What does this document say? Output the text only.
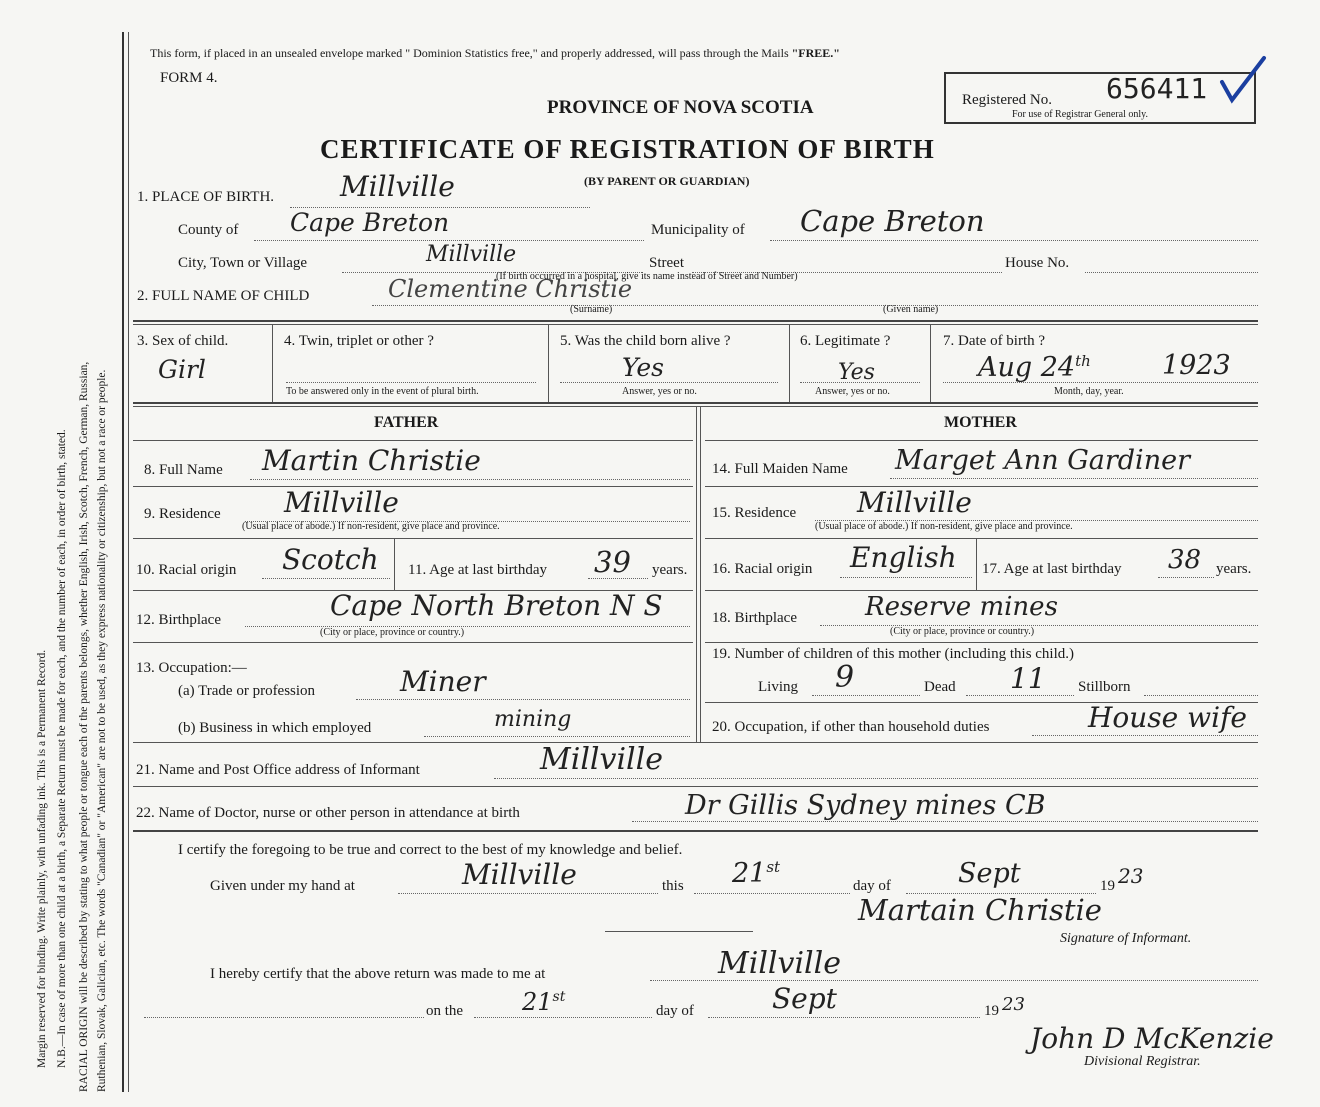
Margin reserved for binding. Write plainly, with unfading ink. This is a Permanent Record. N.B.—In case of more than one child at a birth, a Separate Return must be made for each, and the number of each, in order of birth, stated. RACIAL ORIGIN will be described by stating to what people or tongue each of the parents belongs, whether English, Irish, Scotch, French, German, Russian, Ruthenian, Slovak, Galician, etc. The words "Canadian" or "American" are not to be used, as they express nationality or citizenship, but not a race or people.
This form, if placed in an unsealed envelope marked " Dominion Statistics free," and properly addressed, will pass through the Mails "FREE."
FORM 4.
PROVINCE OF NOVA SCOTIA	Registered No. 656411
For use of Registrar General only.
CERTIFICATE OF REGISTRATION OF BIRTH
(BY PARENT OR GUARDIAN)
1. PLACE OF BIRTH. Millville
County of Cape Breton	Municipality of Cape Breton
City, Town or Village	Millville	Street	House No.
(If birth occurred in a hospital, give its name instead of Street and Number)
2. FULL NAME OF CHILD	Clementine Christie
(Surname)	(Given name)
3. Sex of child.
Girl
4. Twin, triplet or other ?
To be answered only in the event of plural birth.
5. Was the child born alive ?
Yes
Answer, yes or no.
6. Legitimate ?
Yes
Answer, yes or no.
7. Date of birth ?
Aug 24th	1923
Month, day, year.
FATHER	MOTHER
8. Full Name Martin Christie	14. Full Maiden Name Marget Ann Gardiner
9. Residence Millville
(Usual place of abode.) If non-resident, give place and province.
15. Residence Millville
(Usual place of abode.) If non-resident, give place and province.
10. Racial origin Scotch 11. Age at last birthday 39 years. 16. Racial origin English 17. Age at last birthday 38 years.
12. Birthplace	Cape North Breton N S
(City or place, province or country.)
18. Birthplace	Reserve mines
(City or place, province or country.)
13. Occupation:—
(a) Trade or profession	Miner
19. Number of children of this mother (including this child.)
Living 9	Dead 11 Stillborn
(b) Business in which employed	mining	20. Occupation, if other than household duties	House wife
21. Name and Post Office address of Informant	Millville
22. Name of Doctor, nurse or other person in attendance at birth	Dr Gillis Sydney mines CB
I certify the foregoing to be true and correct to the best of my knowledge and belief.
Given under my hand at	Millville	this 21st
day of Sept	19 23
Martain Christie
Signature of Informant.
I hereby certify that the above return was made to me at	Millville
on the 21st
day of	Sept	19 23
John D McKenzie
Divisional Registrar.
